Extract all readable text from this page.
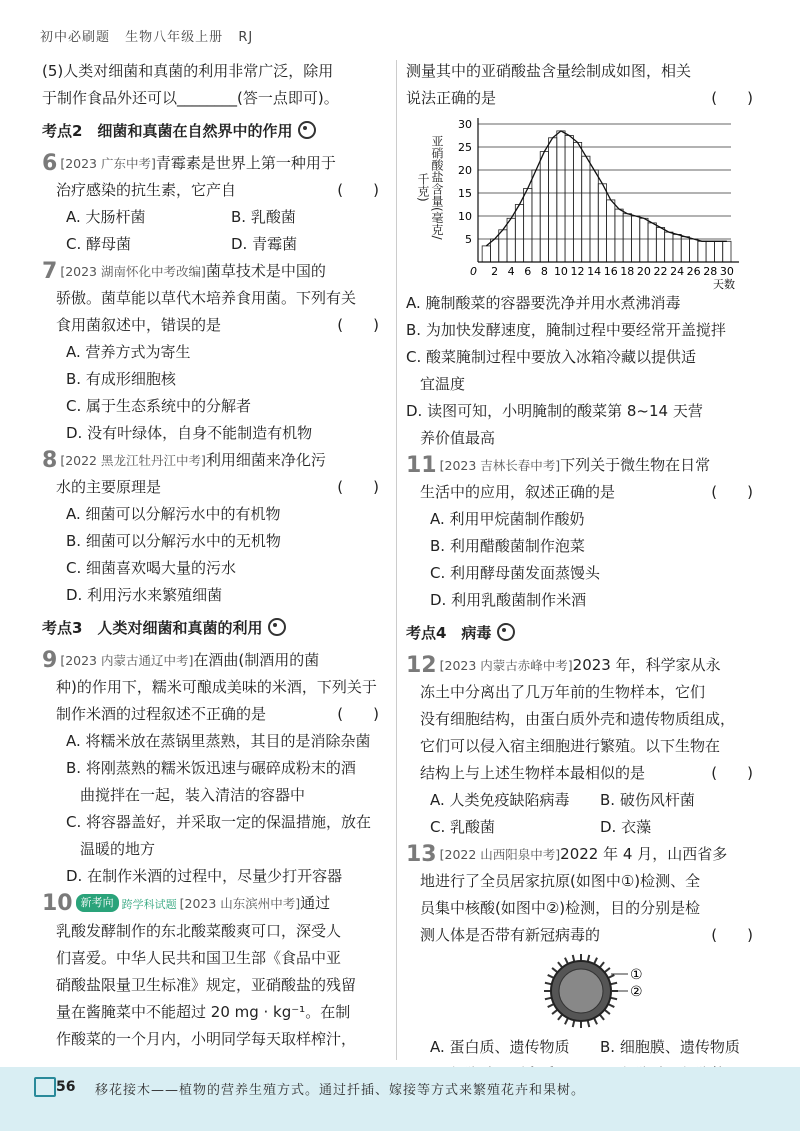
初中必刷题 生物八年级上册 RJ
(5)人类对细菌和真菌的利用非常广泛，除用
于制作食品外还可以________(答一点即可)。
考点2　细菌和真菌在自然界中的作用
6 [2023 广东中考]青霉素是世界上第一种用于
治疗感染的抗生素，它产自	(　　)
A. 大肠杆菌	B. 乳酸菌
C. 酵母菌	D. 青霉菌
7 [2023 湖南怀化中考改编]菌草技术是中国的
骄傲。菌草能以草代木培养食用菌。下列有关
食用菌叙述中，错误的是	(　　)
A. 营养方式为寄生
B. 有成形细胞核
C. 属于生态系统中的分解者
D. 没有叶绿体，自身不能制造有机物
8 [2022 黑龙江牡丹江中考]利用细菌来净化污
水的主要原理是	(　　)
A. 细菌可以分解污水中的有机物
B. 细菌可以分解污水中的无机物
C. 细菌喜欢喝大量的污水
D. 利用污水来繁殖细菌
考点3　人类对细菌和真菌的利用
9 [2023 内蒙古通辽中考]在酒曲(制酒用的菌
种)的作用下，糯米可酿成美味的米酒，下列关于
制作米酒的过程叙述不正确的是	(　　)
A. 将糯米放在蒸锅里蒸熟，其目的是消除杂菌
B. 将刚蒸熟的糯米饭迅速与碾碎成粉末的酒
曲搅拌在一起，装入清洁的容器中
C. 将容器盖好，并采取一定的保温措施，放在
温暖的地方
D. 在制作米酒的过程中，尽量少打开容器
10 新考向 跨学科试题 [2023 山东滨州中考]通过
乳酸发酵制作的东北酸菜酸爽可口，深受人
们喜爱。中华人民共和国卫生部《食品中亚
硝酸盐限量卫生标准》规定，亚硝酸盐的残留
量在酱腌菜中不能超过 20 mg · kg⁻¹。在制
作酸菜的一个月内，小明同学每天取样榨汁，
测量其中的亚硝酸盐含量绘制成如图，相关
说法正确的是	(　　)
亚硝酸盐含量(毫克/千克)
5
10
15
20
25
30
2 4 6 8 10 12 14 16 18 20 22 24 26 28 30
0
天数
A. 腌制酸菜的容器要洗净并用水煮沸消毒
B. 为加快发酵速度，腌制过程中要经常开盖搅拌
C. 酸菜腌制过程中要放入冰箱冷藏以提供适
宜温度
D. 读图可知，小明腌制的酸菜第 8~14 天营
养价值最高
11 [2023 吉林长春中考]下列关于微生物在日常
生活中的应用，叙述正确的是	(　　)
A. 利用甲烷菌制作酸奶
B. 利用醋酸菌制作泡菜
C. 利用酵母菌发面蒸馒头
D. 利用乳酸菌制作米酒
考点4　病毒
12 [2023 内蒙古赤峰中考]2023 年，科学家从永
冻土中分离出了几万年前的生物样本，它们
没有细胞结构，由蛋白质外壳和遗传物质组成，
它们可以侵入宿主细胞进行繁殖。以下生物在
结构上与上述生物样本最相似的是	(　　)
A. 人类免疫缺陷病毒	B. 破伤风杆菌
C. 乳酸菌	D. 衣藻
13 [2022 山西阳泉中考]2022 年 4 月，山西省多
地进行了全员居家抗原(如图中①)检测、全
员集中核酸(如图中②)检测，目的分别是检
测人体是否带有新冠病毒的	(　　)
①
②
A. 蛋白质、遗传物质	B. 细胞膜、遗传物质
56 移花接木——植物的营养生殖方式。通过扦插、嫁接等方式来繁殖花卉和果树。
